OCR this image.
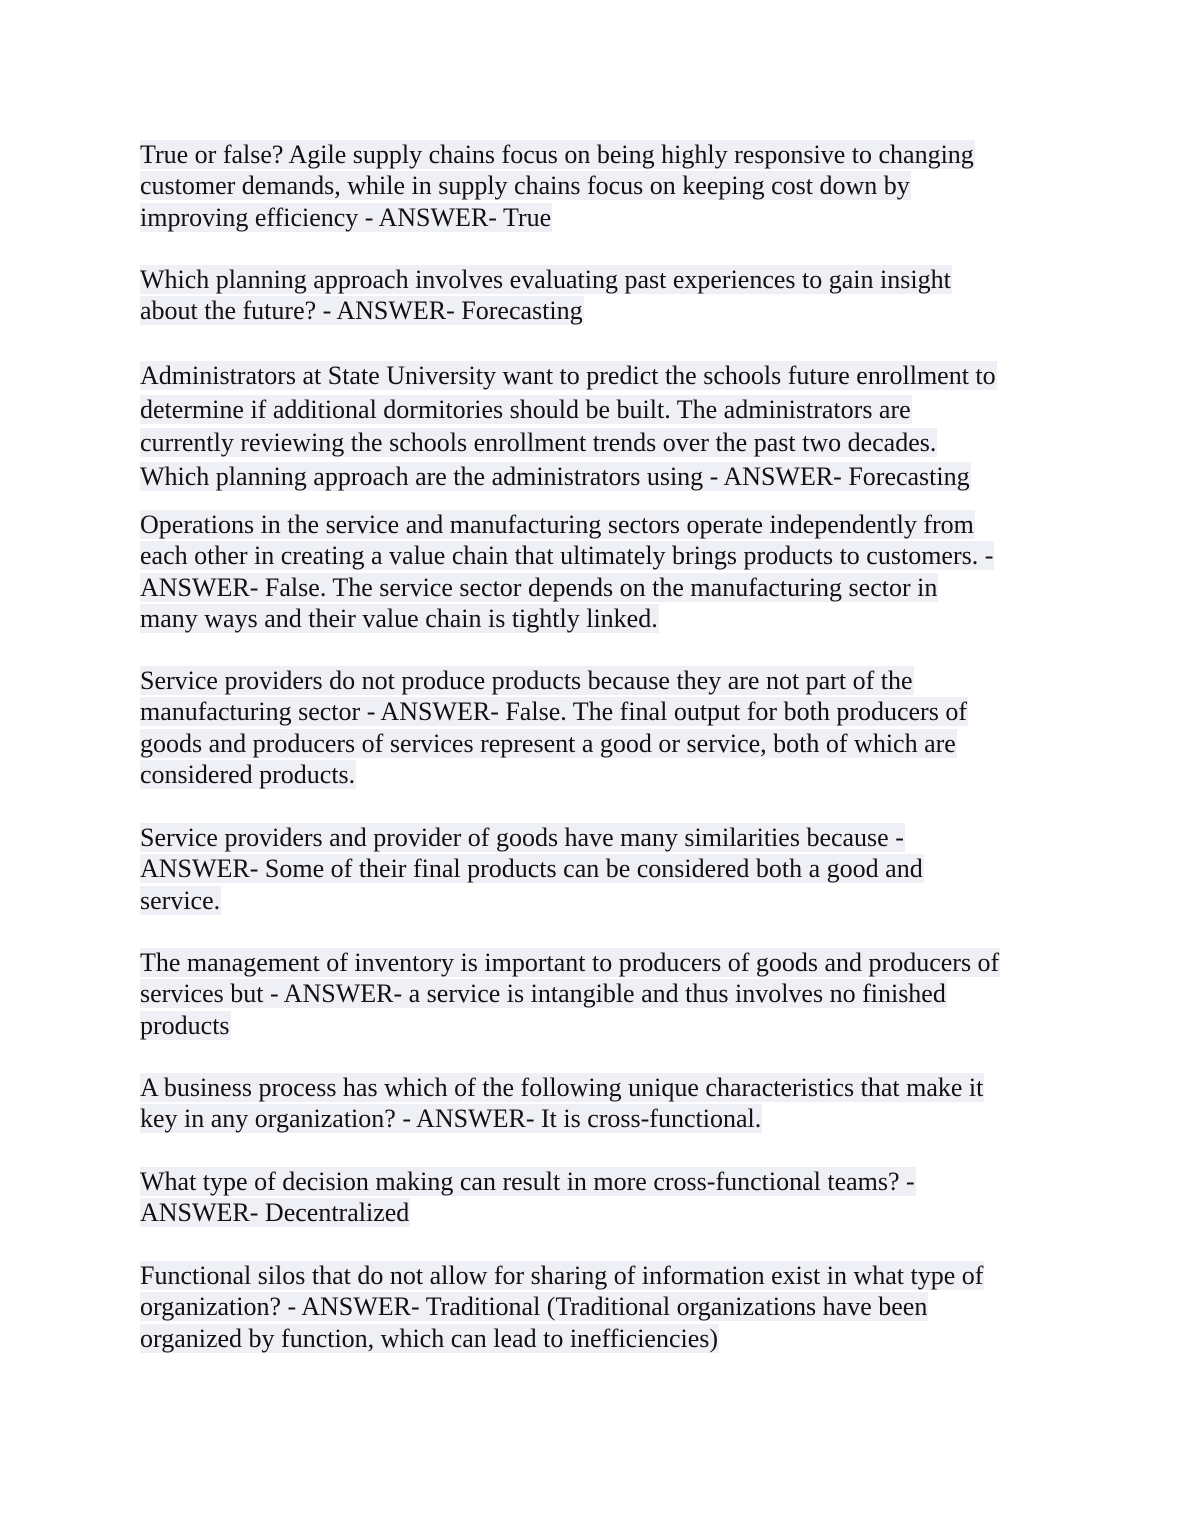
True or false? Agile supply chains focus on being highly responsive to changing
customer demands, while in supply chains focus on keeping cost down by
improving efficiency - ANSWER- True

Which planning approach involves evaluating past experiences to gain insight
about the future? - ANSWER- Forecasting

Administrators at State University want to predict the schools future enrollment to
determine if additional dormitories should be built. The administrators are
currently reviewing the schools enrollment trends over the past two decades.
Which planning approach are the administrators using - ANSWER- Forecasting

Operations in the service and manufacturing sectors operate independently from
each other in creating a value chain that ultimately brings products to customers. -
ANSWER- False. The service sector depends on the manufacturing sector in
many ways and their value chain is tightly linked.

Service providers do not produce products because they are not part of the
manufacturing sector - ANSWER- False. The final output for both producers of
goods and producers of services represent a good or service, both of which are
considered products.

Service providers and provider of goods have many similarities because -
ANSWER- Some of their final products can be considered both a good and
service.

The management of inventory is important to producers of goods and producers of
services but - ANSWER- a service is intangible and thus involves no finished
products

A business process has which of the following unique characteristics that make it
key in any organization? - ANSWER- It is cross-functional.

What type of decision making can result in more cross-functional teams? -
ANSWER- Decentralized

Functional silos that do not allow for sharing of information exist in what type of
organization? - ANSWER- Traditional (Traditional organizations have been
organized by function, which can lead to inefficiencies)
